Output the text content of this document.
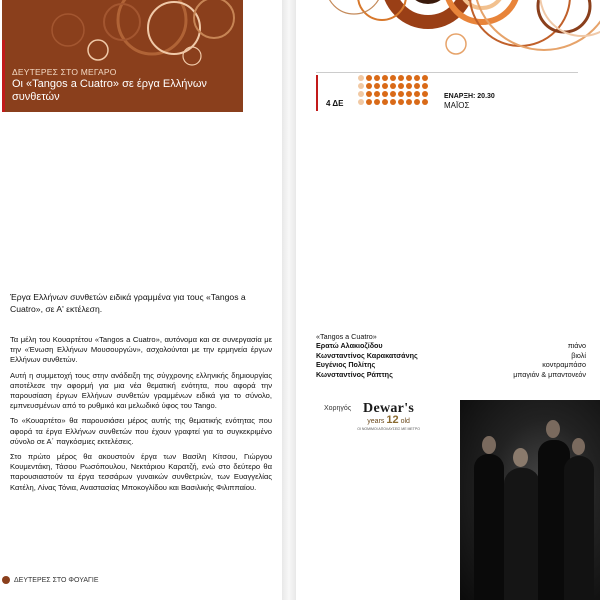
ΔΕΥΤΕΡΕΣ ΣΤΟ ΜΕΓΑΡΟ
Οι «Tangos a Cuatro» σε έργα Ελλήνων συνθετών
Έργα Ελλήνων συνθετών ειδικά γραμμένα για τους «Tangos a Cuatro», σε Α' εκτέλεση.

Τα μέλη του Κουαρτέτου «Tangos a Cuatro», αυτόνομα και σε συνεργασία με την «Ένωση Ελλήνων Μουσουργών», ασχολούνται με την ερμηνεία έργων Ελλήνων συνθετών.

Αυτή η συμμετοχή τους στην ανάδειξη της σύγχρονης ελληνικής δημιουργίας αποτέλεσε την αφορμή για μια νέα θεματική ενότητα, που αφορά την παρουσίαση έργων Ελλήνων συνθετών γραμμένων ειδικά για το σύνολο, εμπνευσμένων από το ρυθμικό και μελωδικό ύφος του Tango.

Το «Κουαρτέτο» θα παρουσιάσει μέρος αυτής της θεματικής ενότητας που αφορά τα έργα Ελλήνων συνθετών που έχουν γραφτεί για το συγκεκριμένο σύνολο σε Α΄ παγκόσμιες εκτελέσεις.

Στο πρώτο μέρος θα ακουστούν έργα των Βασίλη Κίτσου, Γιώργου Κουμεντάκη, Τάσου Ρωσόπουλου, Νεκτάριου Καρατζή, ενώ στο δεύτερο θα παρουσιαστούν τα έργα τεσσάρων γυναικών συνθετριών, των Ευαγγελίας Κατέλη, Λίνας Τόνια, Αναστασίας Μποκογλίδου και Βασιλικής Φιλιππαίου.

ΔΕΥΤΕΡΕΣ ΣΤΟ ΦΟΥΑΓΙΕ
4 ΔΕ
ΕΝΑΡΞΗ: 20.30
ΜΑΪΟΣ
«Tangos a Cuatro»
Ερατώ Αλακιοζίδου	πιάνο
Κωνσταντίνος Καρακατσάνης	βιολί
Ευγένιος Πολίτης	κοντραμπάσο
Κωνσταντίνος Ράπτης	μπαγιάν & μπαντονεόν
Χορηγός Dewar's
years 12 old
ΟΙ ΝΟΜΙΜΟΙ ΑΠΟΛΑΥΣΕΙΣ ΜΕ ΜΕΤΡΟ
